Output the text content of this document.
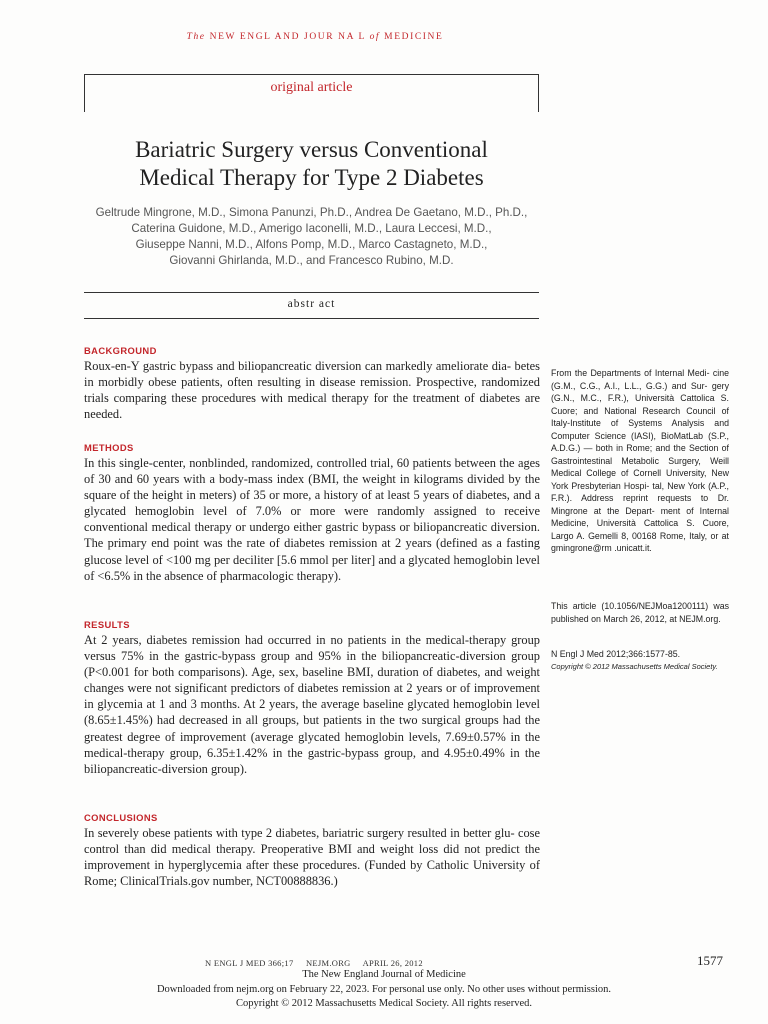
The NEW ENGL AND JOUR NA L of MEDICINE
original article
Bariatric Surgery versus Conventional
Medical Therapy for Type 2 Diabetes
Geltrude Mingrone, M.D., Simona Panunzi, Ph.D., Andrea De Gaetano, M.D., Ph.D.,
Caterina Guidone, M.D., Amerigo Iaconelli, M.D., Laura Leccesi, M.D.,
Giuseppe Nanni, M.D., Alfons Pomp, M.D., Marco Castagneto, M.D.,
Giovanni Ghirlanda, M.D., and Francesco Rubino, M.D.
abstr act

BACKGROUND

Roux-en-Y gastric bypass and biliopancreatic diversion can markedly ameliorate dia- betes in morbidly obese patients, often resulting in disease remission. Prospective, randomized trials comparing these procedures with medical therapy for the treatment of diabetes are needed.

METHODS

In this single-center, nonblinded, randomized, controlled trial, 60 patients between the ages of 30 and 60 years with a body-mass index (BMI, the weight in kilograms divided by the square of the height in meters) of 35 or more, a history of at least 5 years of diabetes, and a glycated hemoglobin level of 7.0% or more were randomly assigned to receive conventional medical therapy or undergo either gastric bypass or biliopancreatic diversion. The primary end point was the rate of diabetes remission at 2 years (defined as a fasting glucose level of <100 mg per deciliter [5.6 mmol per liter] and a glycated hemoglobin level of <6.5% in the absence of pharmacologic therapy).

RESULTS

At 2 years, diabetes remission had occurred in no patients in the medical-therapy group versus 75% in the gastric-bypass group and 95% in the biliopancreatic-diversion group (P<0.001 for both comparisons). Age, sex, baseline BMI, duration of diabetes, and weight changes were not significant predictors of diabetes remission at 2 years or of improvement in glycemia at 1 and 3 months. At 2 years, the average baseline glycated hemoglobin level (8.65±1.45%) had decreased in all groups, but patients in the two surgical groups had the greatest degree of improvement (average glycated hemoglobin levels, 7.69±0.57% in the medical-therapy group, 6.35±1.42% in the gastric-bypass group, and 4.95±0.49% in the biliopancreatic-diversion group).

CONCLUSIONS

In severely obese patients with type 2 diabetes, bariatric surgery resulted in better glu- cose control than did medical therapy. Preoperative BMI and weight loss did not predict the improvement in hyperglycemia after these procedures. (Funded by Catholic University of Rome; ClinicalTrials.gov number, NCT00888836.)

From the Departments of Internal Medi- cine (G.M., C.G., A.I., L.L., G.G.) and Sur- gery (G.N., M.C., F.R.), Università Cattolica S. Cuore; and National Research Council of Italy-Institute of Systems Analysis and Computer Science (IASI), BioMatLab (S.P., A.D.G.) — both in Rome; and the Section of Gastrointestinal Metabolic Surgery, Weill Medical College of Cornell University, New York Presbyterian Hospi- tal, New York (A.P., F.R.). Address reprint requests to Dr. Mingrone at the Depart- ment of Internal Medicine, Università Cattolica S. Cuore, Largo A. Gemelli 8, 00168 Rome, Italy, or at gmingrone@rm .unicatt.it.

This article (10.1056/NEJMoa1200111) was published on March 26, 2012, at NEJM.org.

N Engl J Med 2012;366:1577-85.

Copyright © 2012 Massachusetts Medical Society.

N ENGL J MED 366;17 NEJM.ORG APRIL 26, 2012	1577
The New England Journal of Medicine
Downloaded from nejm.org on February 22, 2023. For personal use only. No other uses without permission.
Copyright © 2012 Massachusetts Medical Society. All rights reserved.
